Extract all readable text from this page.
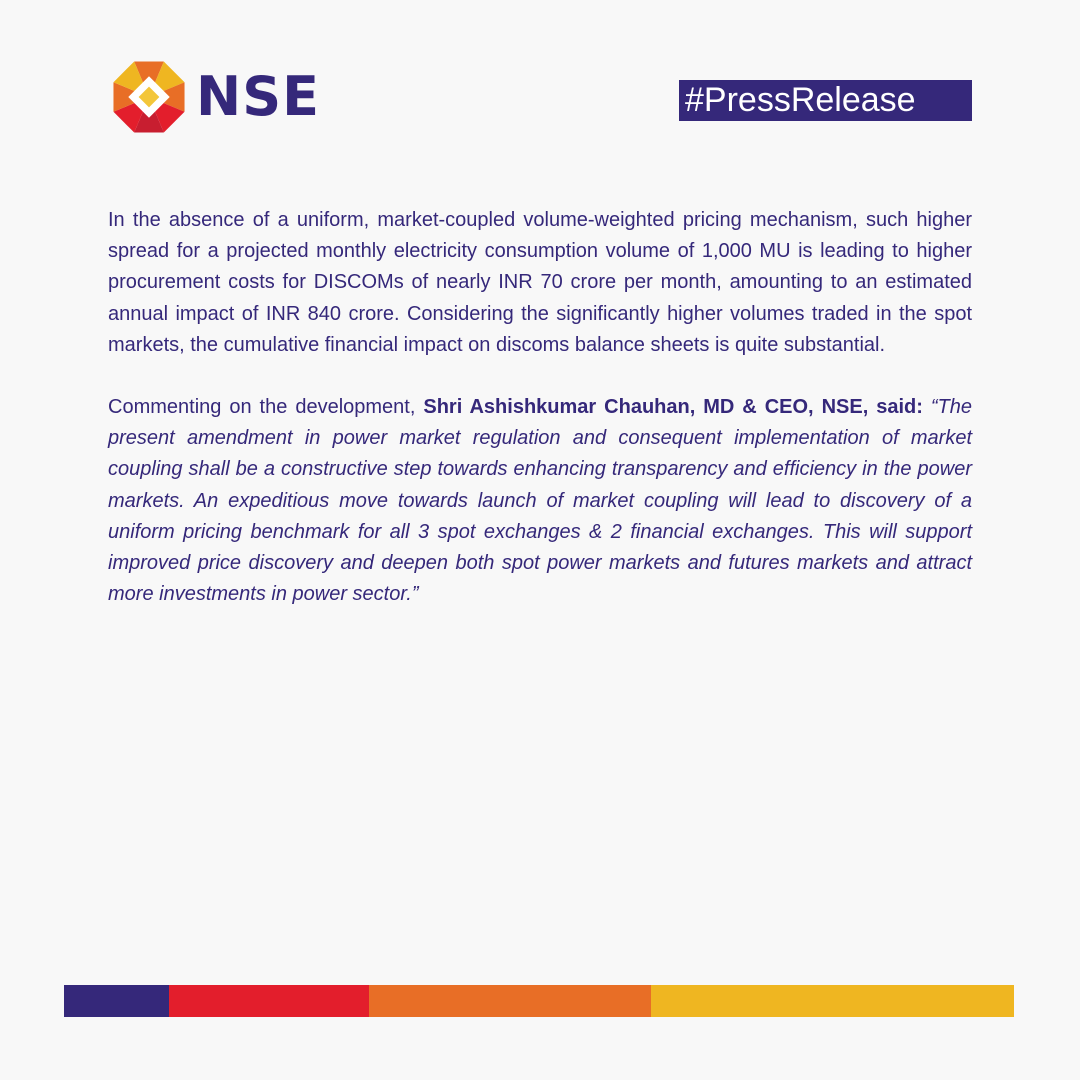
NSE	#PressRelease

In the absence of a uniform, market-coupled volume-weighted pricing mechanism, such higher spread for a projected monthly electricity consumption volume of 1,000 MU is leading to higher procurement costs for DISCOMs of nearly INR 70 crore per month, amounting to an estimated annual impact of INR 840 crore. Considering the significantly higher volumes traded in the spot markets, the cumulative financial impact on discoms balance sheets is quite substantial.

Commenting on the development, Shri Ashishkumar Chauhan, MD & CEO, NSE, said: “The present amendment in power market regulation and consequent implementation of market coupling shall be a constructive step towards enhancing transparency and efficiency in the power markets. An expeditious move towards launch of market coupling will lead to discovery of a uniform pricing benchmark for all 3 spot exchanges & 2 financial exchanges. This will support improved price discovery and deepen both spot power markets and futures markets and attract more investments in power sector.”
